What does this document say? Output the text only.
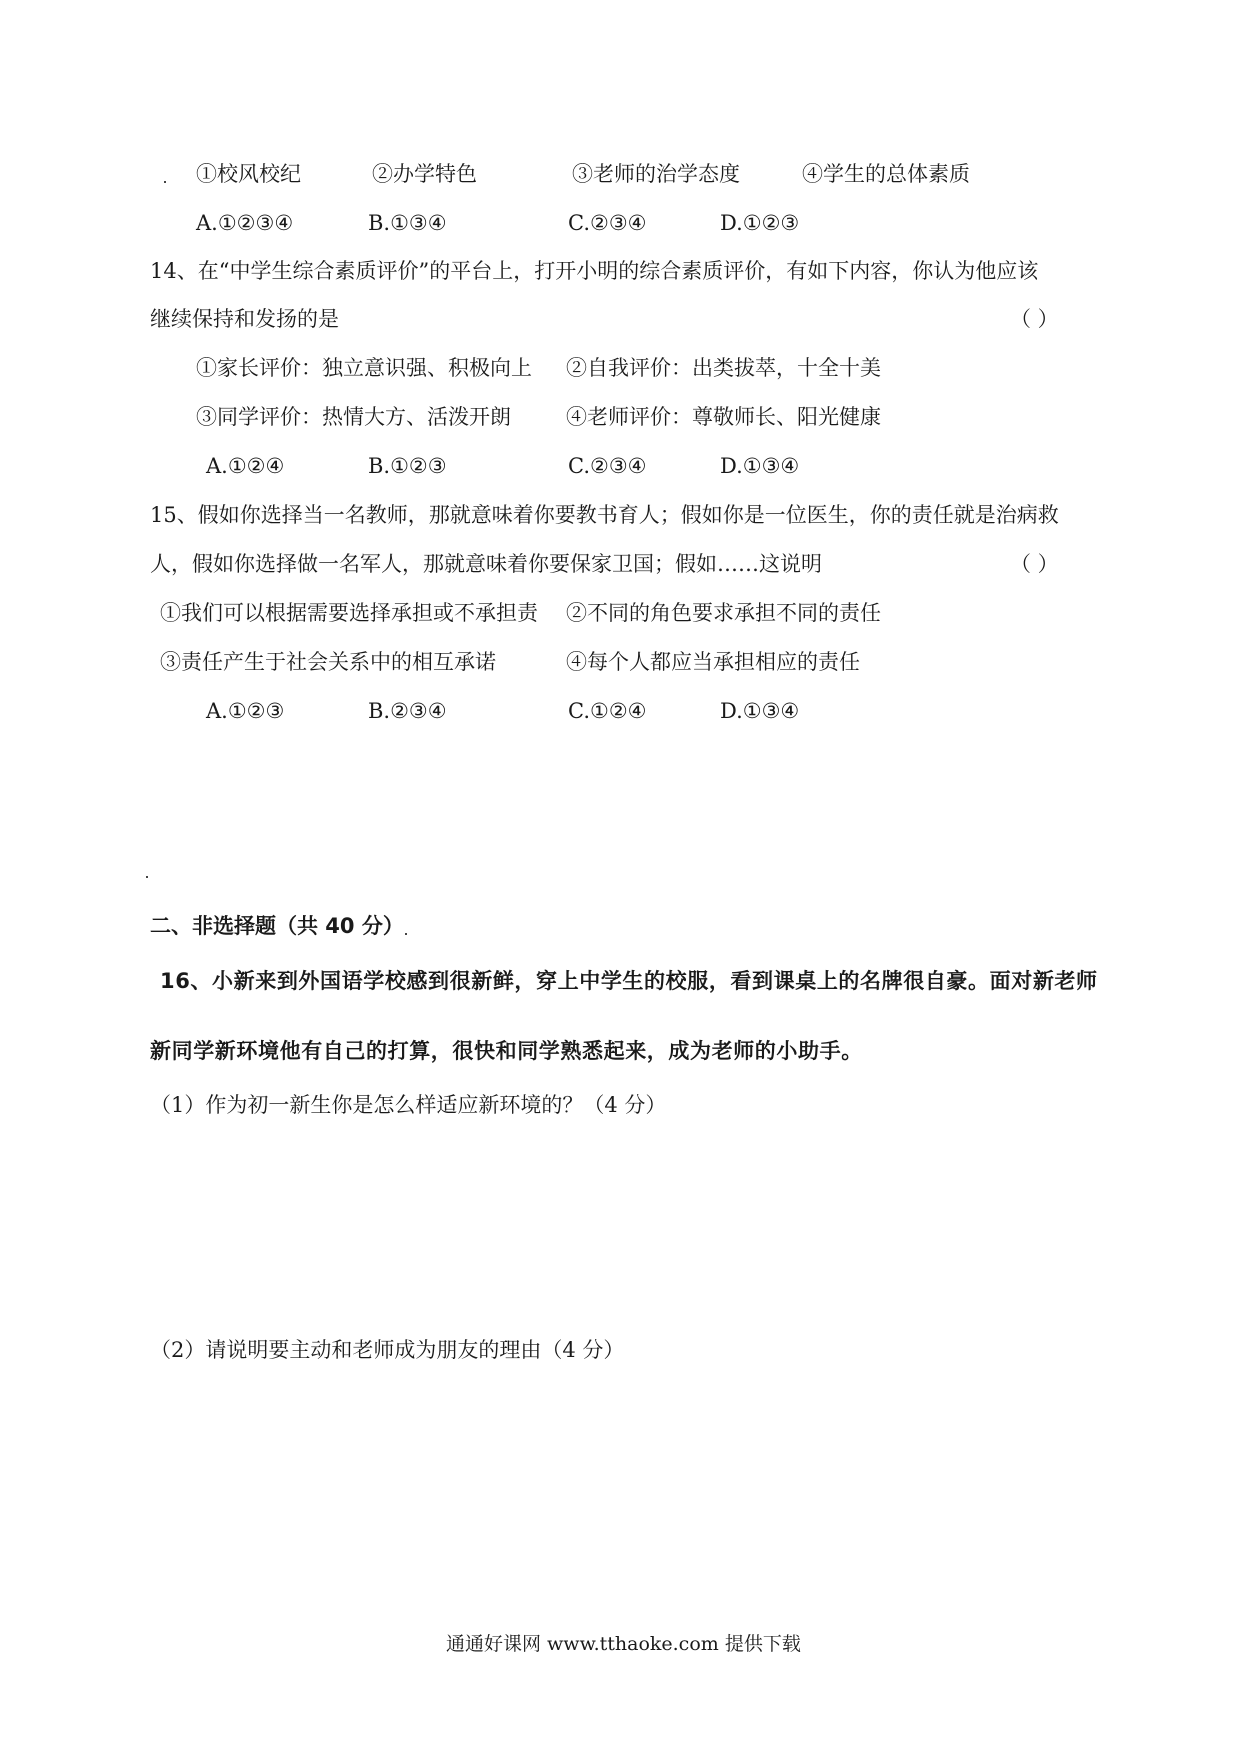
①校风校纪	②办学特色	③老师的治学态度	④学生的总体素质
A.①②③④	B.①③④	C.②③④	D.①②③
14、在“中学生综合素质评价”的平台上，打开小明的综合素质评价，有如下内容，你认为他应该
继续保持和发扬的是	（ ）
①家长评价：独立意识强、积极向上 ②自我评价：出类拔萃，十全十美
③同学评价：热情大方、活泼开朗	④老师评价：尊敬师长、阳光健康
A.①②④	B.①②③	C.②③④	D.①③④
15、假如你选择当一名教师，那就意味着你要教书育人；假如你是一位医生，你的责任就是治病救
人，假如你选择做一名军人，那就意味着你要保家卫国；假如……这说明	（ ）
①我们可以根据需要选择承担或不承担责 ②不同的角色要求承担不同的责任
③责任产生于社会关系中的相互承诺	④每个人都应当承担相应的责任
A.①②③	B.②③④	C.①②④	D.①③④
二、非选择题（共 40 分）
16、小新来到外国语学校感到很新鲜，穿上中学生的校服，看到课桌上的名牌很自豪。面对新老师
新同学新环境他有自己的打算，很快和同学熟悉起来，成为老师的小助手。
（1）作为初一新生你是怎么样适应新环境的？（4 分）
（2）请说明要主动和老师成为朋友的理由（4 分）
通通好课网 www.tthaoke.com 提供下载
